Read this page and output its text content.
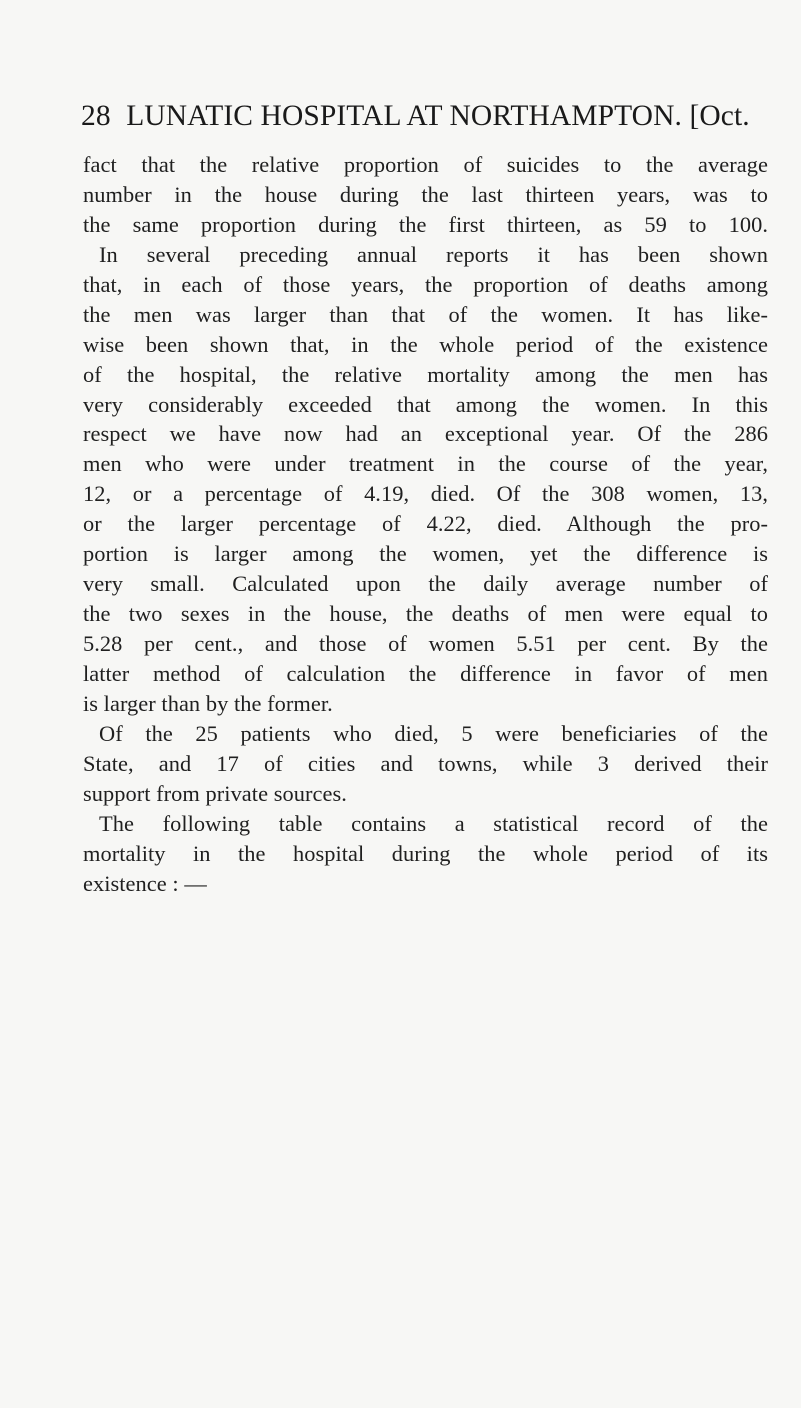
28 LUNATIC HOSPITAL AT NORTHAMPTON. [Oct.
fact that the relative proportion of suicides to the average
number in the house during the last thirteen years, was to
the same proportion during the first thirteen, as 59 to 100.
In several preceding annual reports it has been shown
that, in each of those years, the proportion of deaths among
the men was larger than that of the women. It has like-
wise been shown that, in the whole period of the existence
of the hospital, the relative mortality among the men has
very considerably exceeded that among the women. In this
respect we have now had an exceptional year. Of the 286
men who were under treatment in the course of the year,
12, or a percentage of 4.19, died. Of the 308 women, 13,
or the larger percentage of 4.22, died. Although the pro-
portion is larger among the women, yet the difference is
very small. Calculated upon the daily average number of
the two sexes in the house, the deaths of men were equal to
5.28 per cent., and those of women 5.51 per cent. By the
latter method of calculation the difference in favor of men
is larger than by the former.
Of the 25 patients who died, 5 were beneficiaries of the
State, and 17 of cities and towns, while 3 derived their
support from private sources.
The following table contains a statistical record of the
mortality in the hospital during the whole period of its
existence : —
